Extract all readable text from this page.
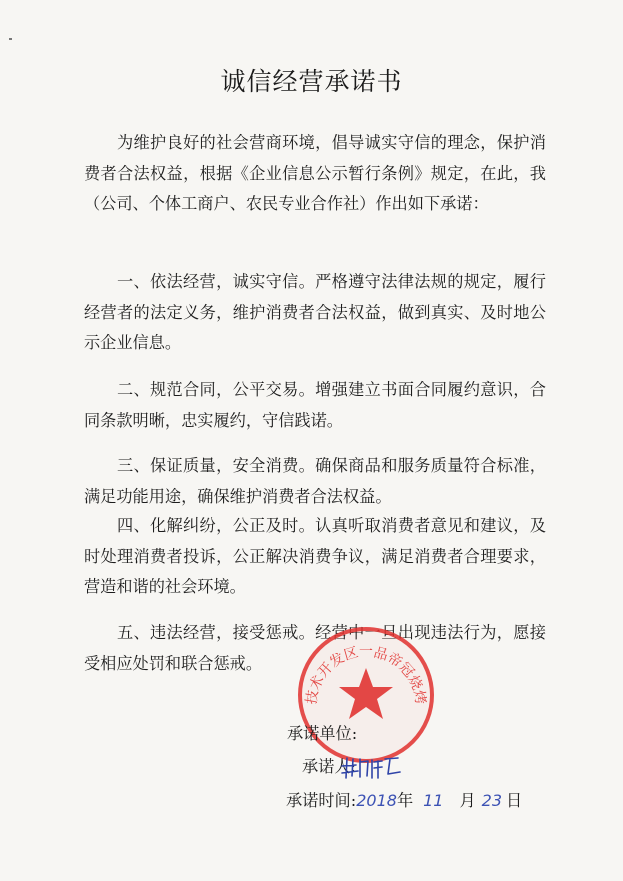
诚信经营承诺书

为维护良好的社会营商环境，倡导诚实守信的理念，保护消费者合法权益，根据《企业信息公示暂行条例》规定，在此，我（公司、个体工商户、农民专业合作社）作出如下承诺：

一、依法经营，诚实守信。严格遵守法律法规的规定，履行经营者的法定义务，维护消费者合法权益，做到真实、及时地公示企业信息。

二、规范合同，公平交易。增强建立书面合同履约意识，合同条款明晰，忠实履约，守信践诺。

三、保证质量，安全消费。确保商品和服务质量符合标准，满足功能用途，确保维护消费者合法权益。

四、化解纠纷，公正及时。认真听取消费者意见和建议，及时处理消费者投诉，公正解决消费争议，满足消费者合理要求，营造和谐的社会环境。

五、违法经营，接受惩戒。经营中一旦出现违法行为，愿接受相应处罚和联合惩戒。

技术开发区一品帝冠烧烤
承诺单位:
承诺人:
承诺时间:2018年 11 月 23 日
